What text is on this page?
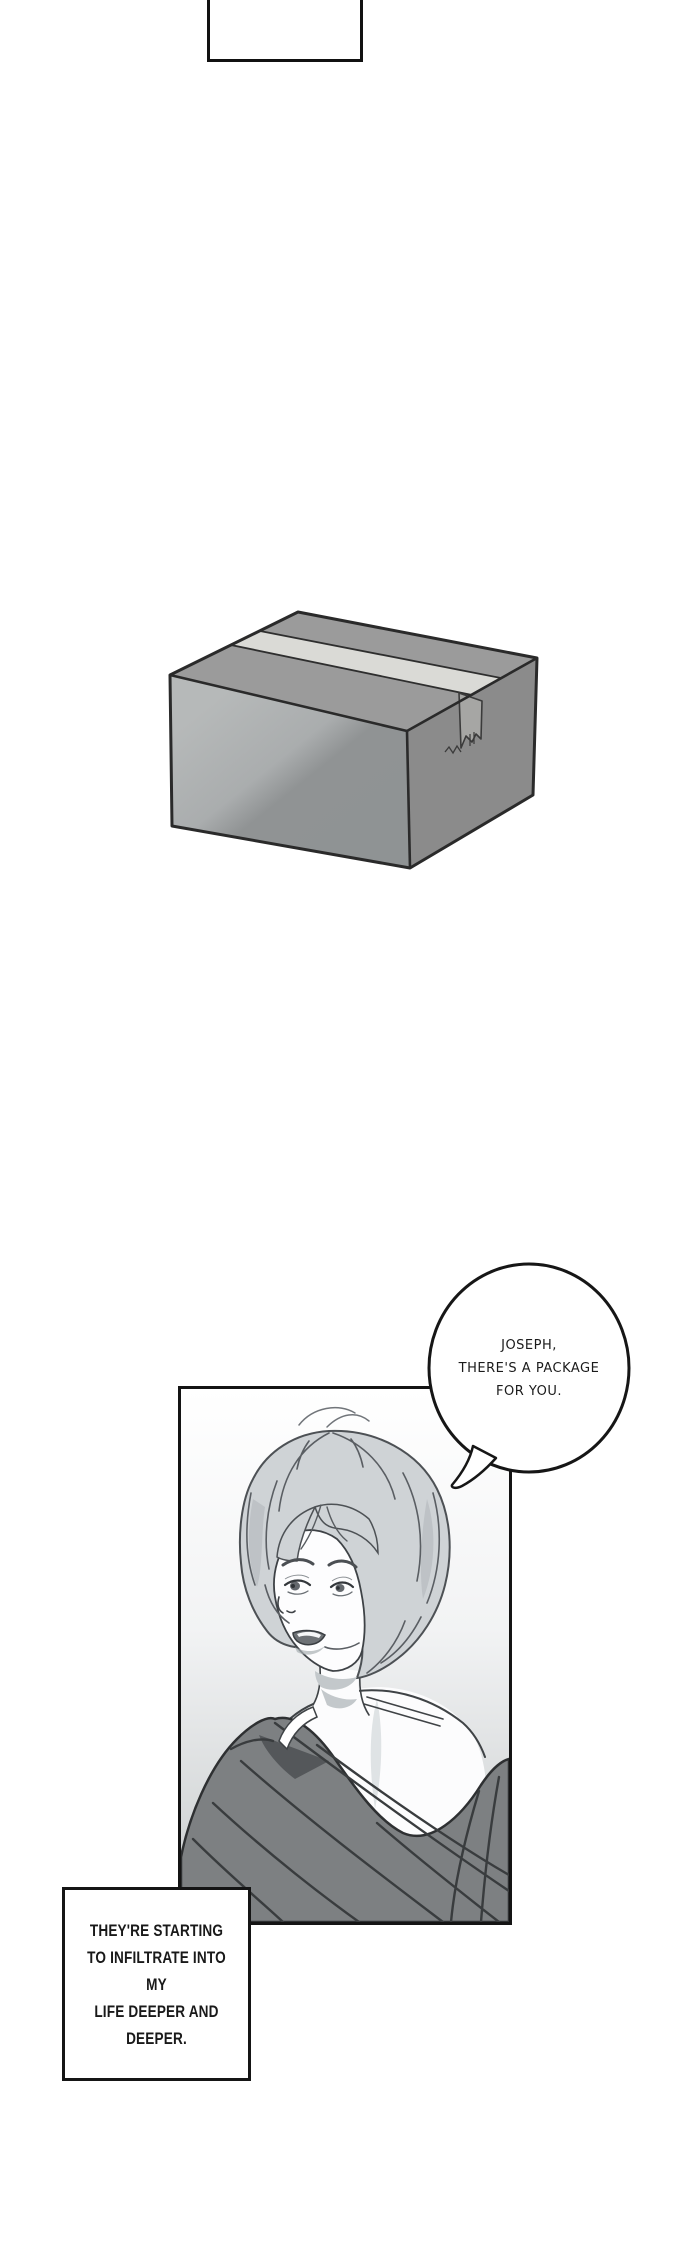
THEY'RE STARTING
TO INFILTRATE INTO MY
LIFE DEEPER AND DEEPER.
JOSEPH,
THERE'S A PACKAGE
FOR YOU.
